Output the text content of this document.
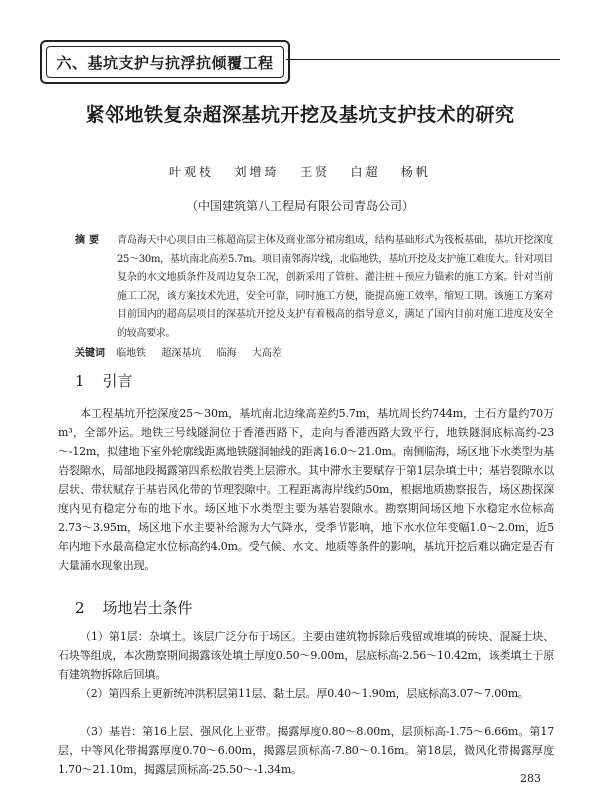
六、基坑支护与抗浮抗倾覆工程
紧邻地铁复杂超深基坑开挖及基坑支护技术的研究
叶观枝 刘增琦 王贤 白超 杨帆
（中国建筑第八工程局有限公司青岛公司）
摘要	青岛海天中心项目由三栋超高层主体及商业部分裙房组成，结构基础形式为筏板基础，基坑开挖深度25～30m，基坑南北高差5.7m。项目南邻海岸线，北临地铁，基坑开挖及支护施工难度大。针对项目复杂的水文地质条件及周边复杂工况，创新采用了管桩、灌注桩＋预应力锚索的施工方案。针对当前施工工况，该方案技术先进，安全可靠，同时施工方便，能提高施工效率，缩短工期。该施工方案对目前国内的超高层项目的深基坑开挖及支护有着极高的指导意义，满足了国内目前对施工进度及安全的较高要求。
关键词 临地铁 超深基坑 临海 大高差
1 引言
本工程基坑开挖深度25～30m，基坑南北边缘高差约5.7m，基坑周长约744m，土石方量约70万m³，全部外运。地铁三号线隧洞位于香港西路下，走向与香港西路大致平行，地铁隧洞底标高约-23～-12m，拟建地下室外轮廓线距离地铁隧洞轴线的距离16.0～21.0m。南侧临海，场区地下水类型为基岩裂隙水，局部地段揭露第四系松散岩类上层滞水。其中滞水主要赋存于第1层杂填土中；基岩裂隙水以层状、带状赋存于基岩风化带的节理裂隙中。工程距离海岸线约50m，根据地质勘察报告，场区勘探深度内见有稳定分布的地下水。场区地下水类型主要为基岩裂隙水。勘察期间场区地下水稳定水位标高2.73～3.95m，场区地下水主要补给源为大气降水，受季节影响，地下水水位年变幅1.0～2.0m，近5年内地下水最高稳定水位标高约4.0m。受气候、水文、地质等条件的影响，基坑开挖后难以确定是否有大量涌水现象出现。
2 场地岩土条件
（1）第1层：杂填土。该层广泛分布于场区。主要由建筑物拆除后残留或堆填的砖块、混凝土块、石块等组成，本次勘察期间揭露该处填土厚度0.50～9.00m，层底标高-2.56～10.42m，该类填土于原有建筑物拆除后回填。
（2）第四系上更新统冲洪积层第11层、黏土层。厚0.40～1.90m，层底标高3.07～7.00m。
（3）基岩：第16上层、强风化上亚带。揭露厚度0.80～8.00m，层顶标高-1.75～6.66m。第17层，中等风化带揭露厚度0.70～6.00m，揭露层顶标高-7.80～0.16m。第18层，微风化带揭露厚度1.70～21.10m，揭露层顶标高-25.50～-1.34m。
283
